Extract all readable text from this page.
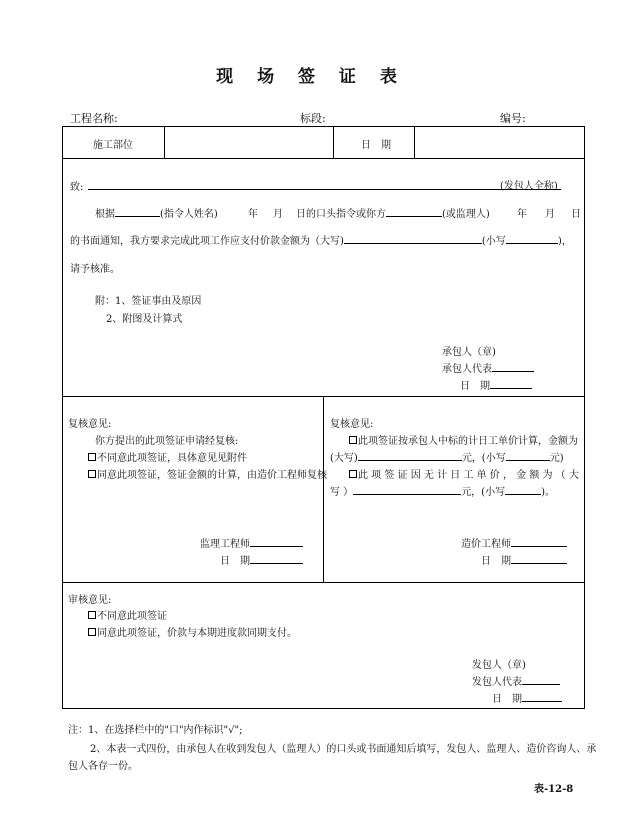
现 场 签 证 表
工程名称:	标段:	编号:
施工部位	日　期
致:	(发包人全称)
根据	(指令人姓名)	年 月 日的口头指令或你方	(或监理人)	年 月 日
的书面通知，我方要求完成此项工作应支付价款金额为（大写)	(小写	)，
请予核准。
附：1、签证事由及原因
2、附图及计算式
承包人（章)
承包人代表
日　期
复核意见:
你方提出的此项签证申请经复核:
不同意此项签证，具体意见见附件
同意此项签证，签证金额的计算，由造价工程师复核
监理工程师
日　期
复核意见:
此项签证按承包人中标的计日工单价计算，金额为
(大写)	元，(小写	元)
此 项 签 证 因 无 计 日 工 单 价 ， 金 额 为 （ 大
写 ）	元，(小写	)。
造价工程师
日　期
审核意见:
不同意此项签证
同意此项签证，价款与本期进度款同期支付。
发包人（章)
发包人代表
日　期
注：1、在选择栏中的"口"内作标识"√";
2、本表一式四份，由承包人在收到发包人（监理人）的口头或书面通知后填写，发包人、监理人、造价咨询人、承
包人各存一份。
表-12-8
